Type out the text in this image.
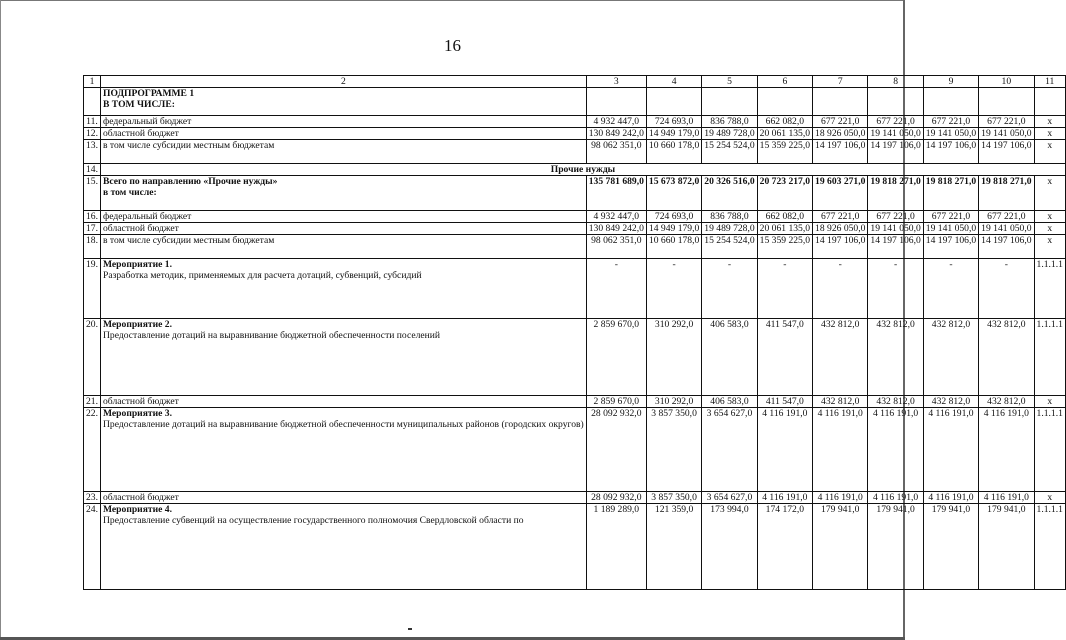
16
1	2	3	4	5	6	7	8	9	10	11

	ПОДПРОГРАММЕ 1
В ТОМ ЧИСЛЕ:									

11.	федеральный бюджет	4 932 447,0	724 693,0	836 788,0	662 082,0	677 221,0	677 221,0	677 221,0	677 221,0	x
12.	областной бюджет	130 849 242,0	14 949 179,0	19 489 728,0	20 061 135,0	18 926 050,0	19 141 050,0	19 141 050,0	19 141 050,0	x
13.	в том числе субсидии местным бюджетам	98 062 351,0	10 660 178,0	15 254 524,0	15 359 225,0	14 197 106,0	14 197 106,0	14 197 106,0	14 197 106,0	x
14.	Прочие нужды									
15.	Всего по направлению «Прочие нужды»
в том числе:	135 781 689,0	15 673 872,0	20 326 516,0	20 723 217,0	19 603 271,0	19 818 271,0	19 818 271,0	19 818 271,0	x
16.	федеральный бюджет	4 932 447,0	724 693,0	836 788,0	662 082,0	677 221,0	677 221,0	677 221,0	677 221,0	x
17.	областной бюджет	130 849 242,0	14 949 179,0	19 489 728,0	20 061 135,0	18 926 050,0	19 141 050,0	19 141 050,0	19 141 050,0	x
18.	в том числе субсидии местным бюджетам	98 062 351,0	10 660 178,0	15 254 524,0	15 359 225,0	14 197 106,0	14 197 106,0	14 197 106,0	14 197 106,0	x
19.	Мероприятие 1.
Разработка методик, применяемых для расчета дотаций, субвенций, субсидий	-	-	-	-	-	-	-	-	1.1.1.1
20.	Мероприятие 2.
Предоставление дотаций на выравнивание бюджетной обеспеченности поселений	2 859 670,0	310 292,0	406 583,0	411 547,0	432 812,0	432 812,0	432 812,0	432 812,0	1.1.1.1
21.	областной бюджет	2 859 670,0	310 292,0	406 583,0	411 547,0	432 812,0	432 812,0	432 812,0	432 812,0	x
22.	Мероприятие 3.
Предоставление дотаций на выравнивание бюджетной обеспеченности муниципальных районов (городских округов)	28 092 932,0	3 857 350,0	3 654 627,0	4 116 191,0	4 116 191,0	4 116 191,0	4 116 191,0	4 116 191,0	1.1.1.1
23.	областной бюджет	28 092 932,0	3 857 350,0	3 654 627,0	4 116 191,0	4 116 191,0	4 116 191,0	4 116 191,0	4 116 191,0	x
24.	Мероприятие 4.
Предоставление субвенций на осуществление государственного полномочия Свердловской области по	1 189 289,0	121 359,0	173 994,0	174 172,0	179 941,0	179 941,0	179 941,0	179 941,0	1.1.1.1
